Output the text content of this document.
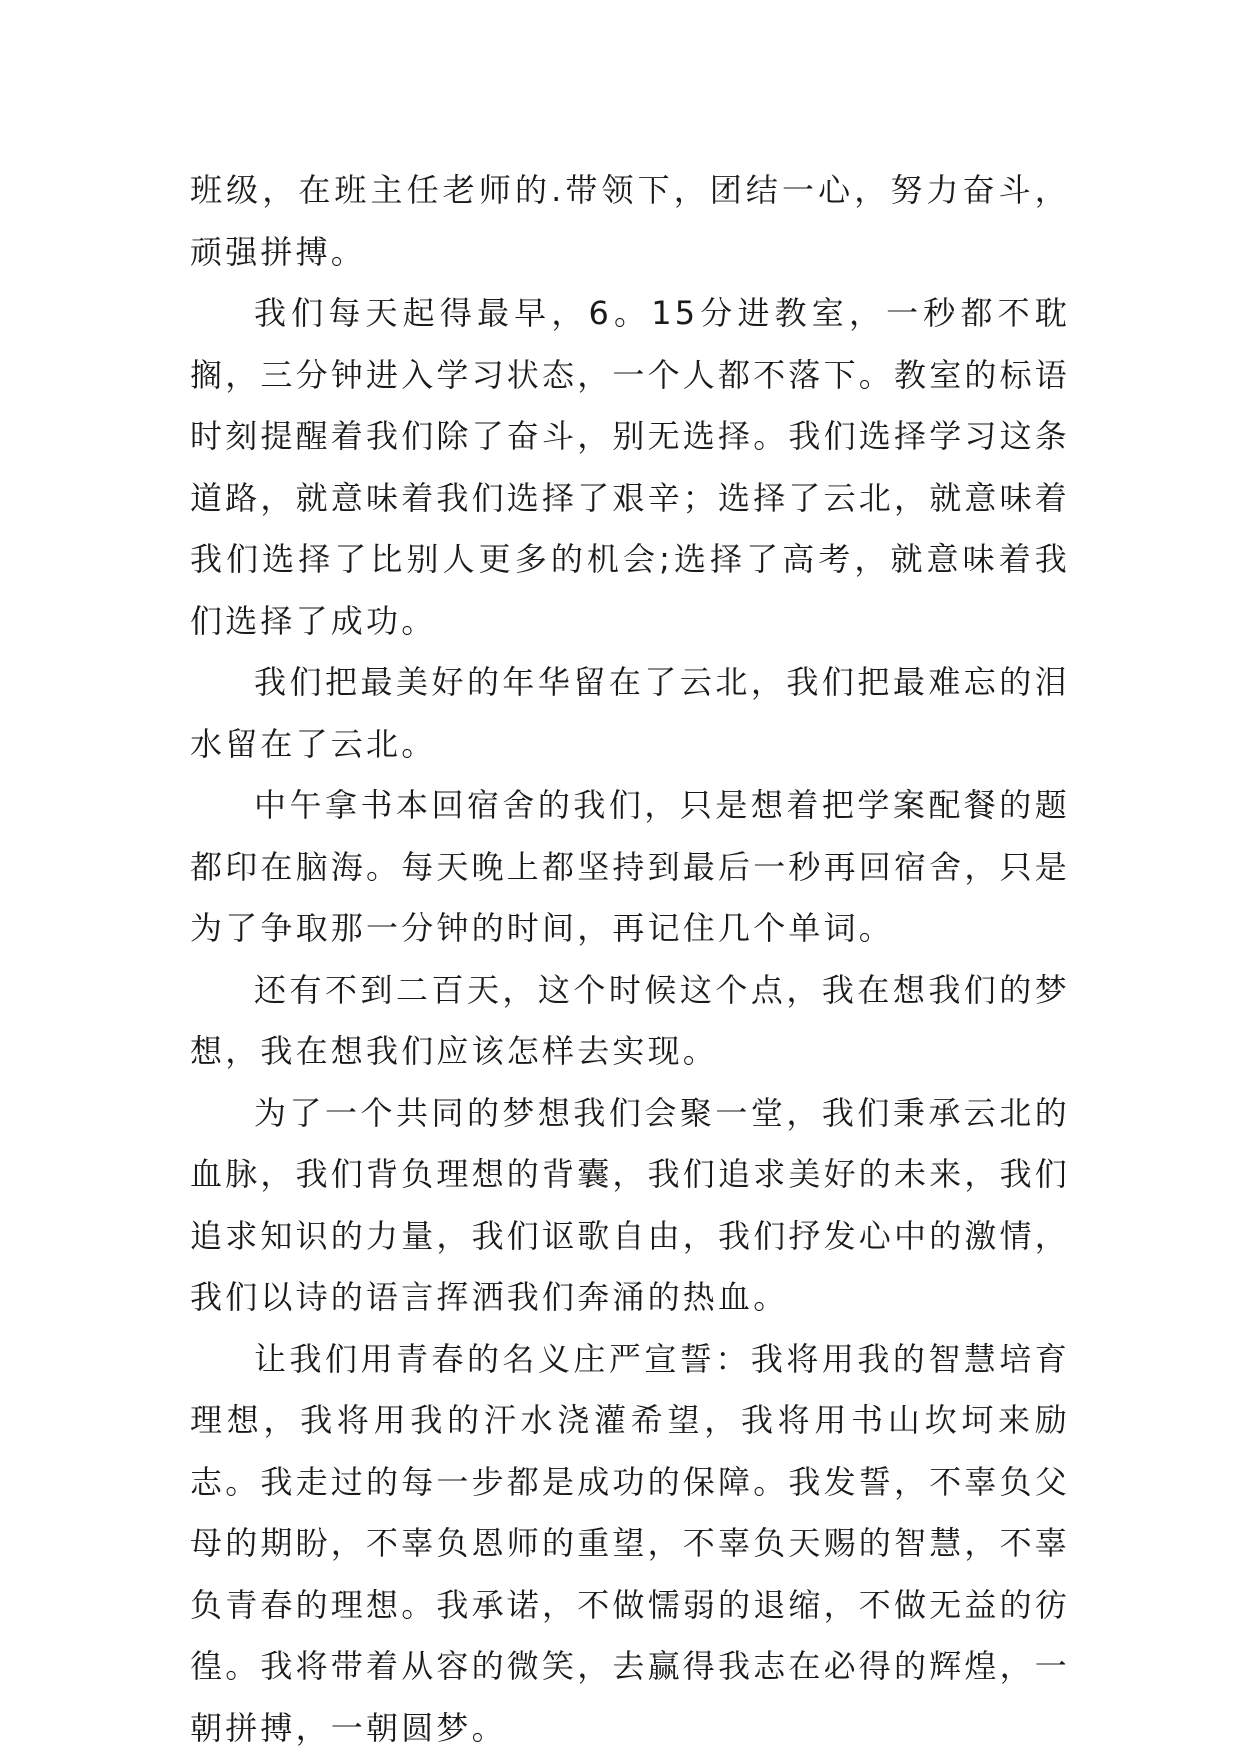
班级，在班主任老师的.带领下，团结一心，努力奋斗，顽强拼搏。

我们每天起得最早，6。15分进教室，一秒都不耽搁，三分钟进入学习状态，一个人都不落下。教室的标语时刻提醒着我们除了奋斗，别无选择。我们选择学习这条道路，就意味着我们选择了艰辛；选择了云北，就意味着我们选择了比别人更多的机会;选择了高考，就意味着我们选择了成功。

我们把最美好的年华留在了云北，我们把最难忘的泪水留在了云北。

中午拿书本回宿舍的我们，只是想着把学案配餐的题都印在脑海。每天晚上都坚持到最后一秒再回宿舍，只是为了争取那一分钟的时间，再记住几个单词。

还有不到二百天，这个时候这个点，我在想我们的梦想，我在想我们应该怎样去实现。

为了一个共同的梦想我们会聚一堂，我们秉承云北的血脉，我们背负理想的背囊，我们追求美好的未来，我们追求知识的力量，我们讴歌自由，我们抒发心中的激情，我们以诗的语言挥洒我们奔涌的热血。

让我们用青春的名义庄严宣誓：我将用我的智慧培育理想，我将用我的汗水浇灌希望，我将用书山坎坷来励志。我走过的每一步都是成功的保障。我发誓，不辜负父母的期盼，不辜负恩师的重望，不辜负天赐的智慧，不辜负青春的理想。我承诺，不做懦弱的退缩，不做无益的彷徨。我将带着从容的微笑，去赢得我志在必得的辉煌，一朝拼搏，一朝圆梦。
